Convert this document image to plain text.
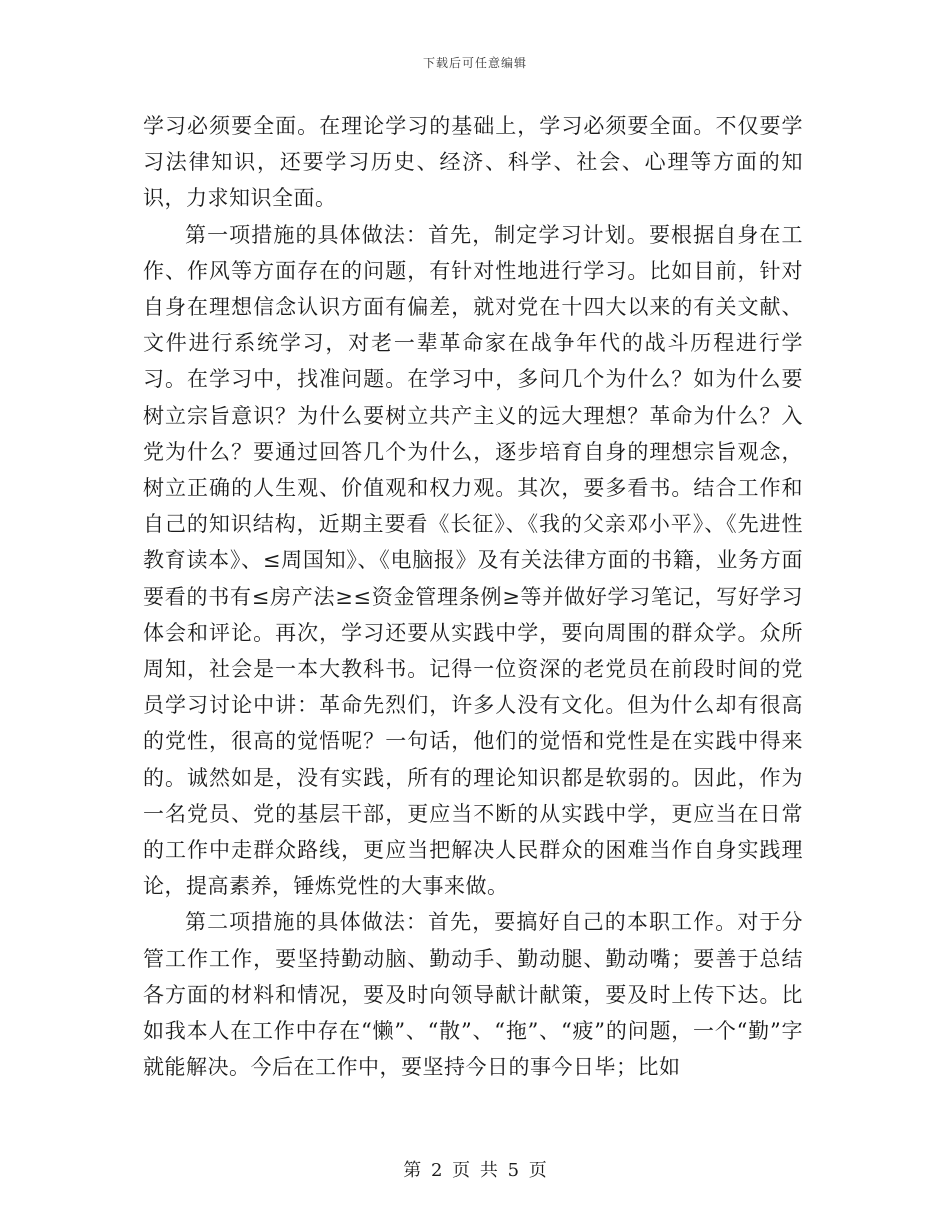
下载后可任意编辑

学习必须要全面。在理论学习的基础上，学习必须要全面。不仅要学习法律知识，还要学习历史、经济、科学、社会、心理等方面的知识，力求知识全面。

第一项措施的具体做法：首先，制定学习计划。要根据自身在工作、作风等方面存在的问题，有针对性地进行学习。比如目前，针对自身在理想信念认识方面有偏差，就对党在十四大以来的有关文献、文件进行系统学习，对老一辈革命家在战争年代的战斗历程进行学习。在学习中，找准问题。在学习中，多问几个为什么？如为什么要树立宗旨意识？为什么要树立共产主义的远大理想？革命为什么？入党为什么？要通过回答几个为什么，逐步培育自身的理想宗旨观念，树立正确的人生观、价值观和权力观。其次，要多看书。结合工作和自己的知识结构，近期主要看《长征》、《我的父亲邓小平》、《先进性教育读本》、≤周国知》、《电脑报》及有关法律方面的书籍，业务方面要看的书有≤房产法≥≤资金管理条例≥等并做好学习笔记，写好学习体会和评论。再次，学习还要从实践中学，要向周围的群众学。众所周知，社会是一本大教科书。记得一位资深的老党员在前段时间的党员学习讨论中讲：革命先烈们，许多人没有文化。但为什么却有很高的党性，很高的觉悟呢？一句话，他们的觉悟和党性是在实践中得来的。诚然如是，没有实践，所有的理论知识都是软弱的。因此，作为一名党员、党的基层干部，更应当不断的从实践中学，更应当在日常的工作中走群众路线，更应当把解决人民群众的困难当作自身实践理论，提高素养，锤炼党性的大事来做。

第二项措施的具体做法：首先，要搞好自己的本职工作。对于分管工作工作，要坚持勤动脑、勤动手、勤动腿、勤动嘴；要善于总结各方面的材料和情况，要及时向领导献计献策，要及时上传下达。比如我本人在工作中存在“懒”、“散”、“拖”、“疲”的问题，一个“勤”字就能解决。今后在工作中，要坚持今日的事今日毕；比如

第 2 页 共 5 页
